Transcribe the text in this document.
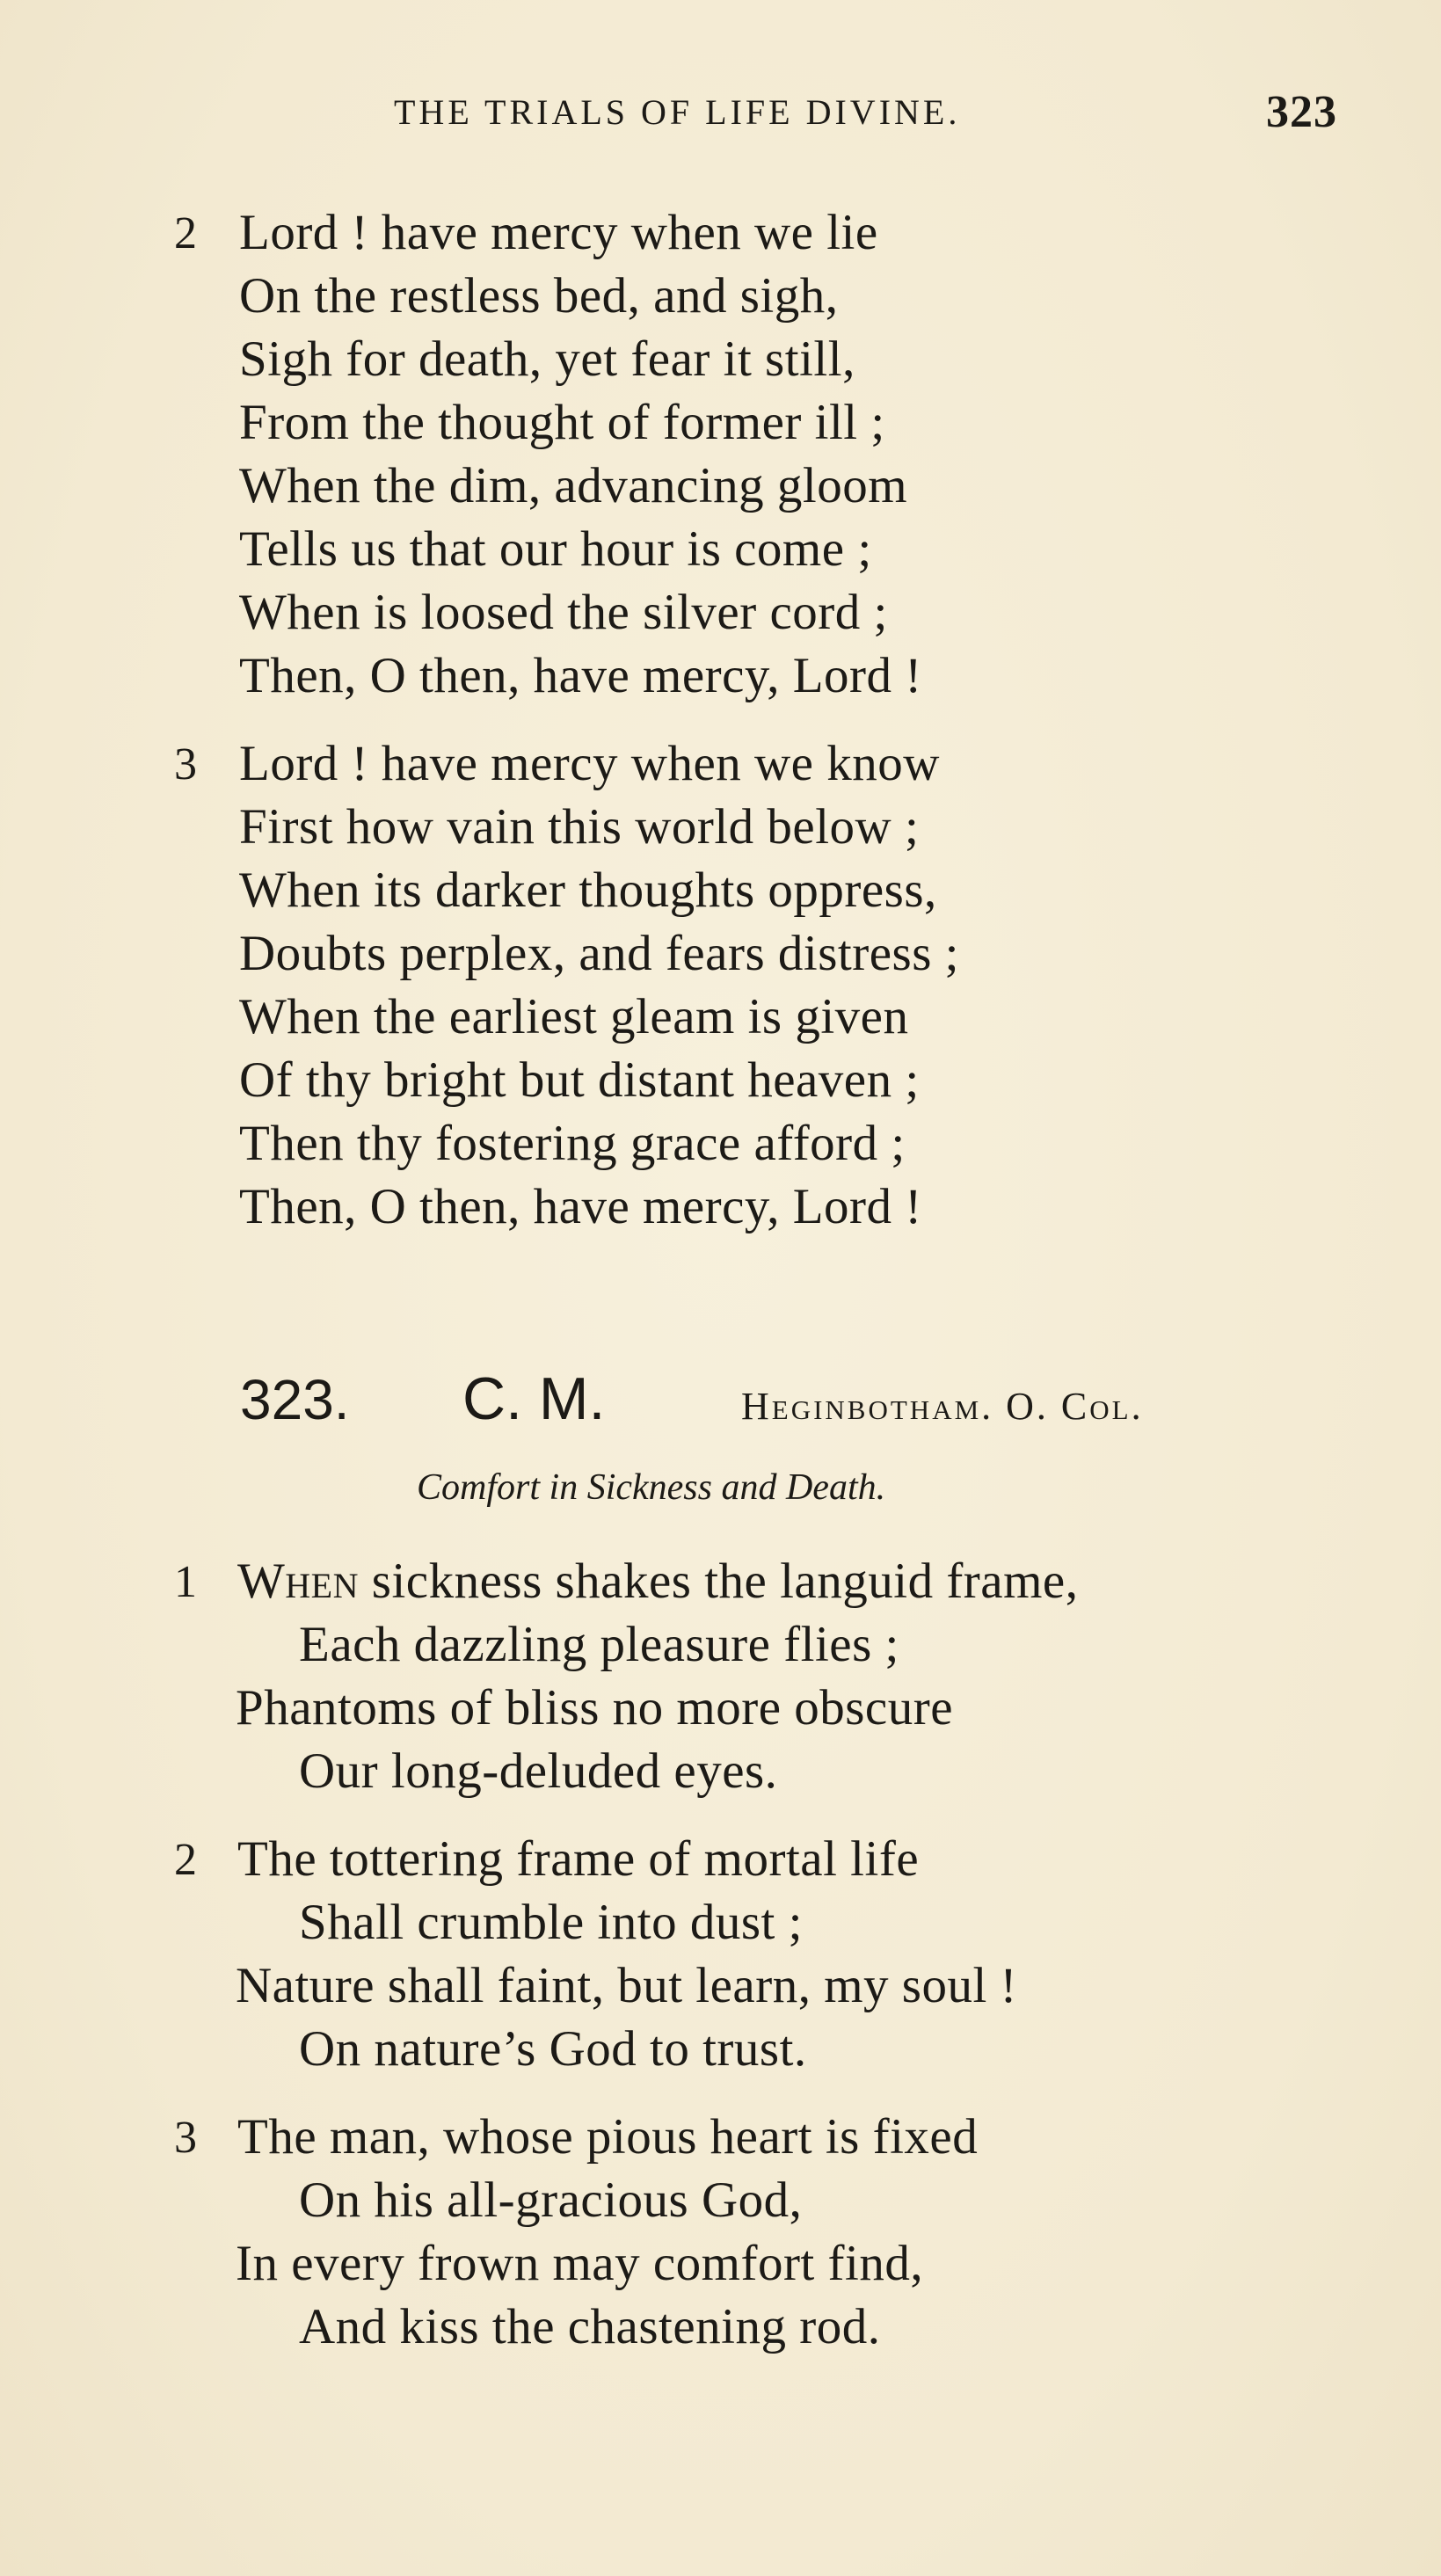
THE TRIALS OF LIFE DIVINE.	323
2 Lord ! have mercy when we lie
On the restless bed, and sigh,
Sigh for death, yet fear it still,
From the thought of former ill ;
When the dim, advancing gloom
Tells us that our hour is come ;
When is loosed the silver cord ;
Then, O then, have mercy, Lord !
3 Lord ! have mercy when we know
First how vain this world below ;
When its darker thoughts oppress,
Doubts perplex, and fears distress ;
When the earliest gleam is given
Of thy bright but distant heaven ;
Then thy fostering grace afford ;
Then, O then, have mercy, Lord !
323. C. M.	Heginbotham. O. Col.
Comfort in Sickness and Death.
1 When sickness shakes the languid frame,
Each dazzling pleasure flies ;
Phantoms of bliss no more obscure
Our long-deluded eyes.
2 The tottering frame of mortal life
Shall crumble into dust ;
Nature shall faint, but learn, my soul !
On nature’s God to trust.
3 The man, whose pious heart is fixed
On his all-gracious God,
In every frown may comfort find,
And kiss the chastening rod.
